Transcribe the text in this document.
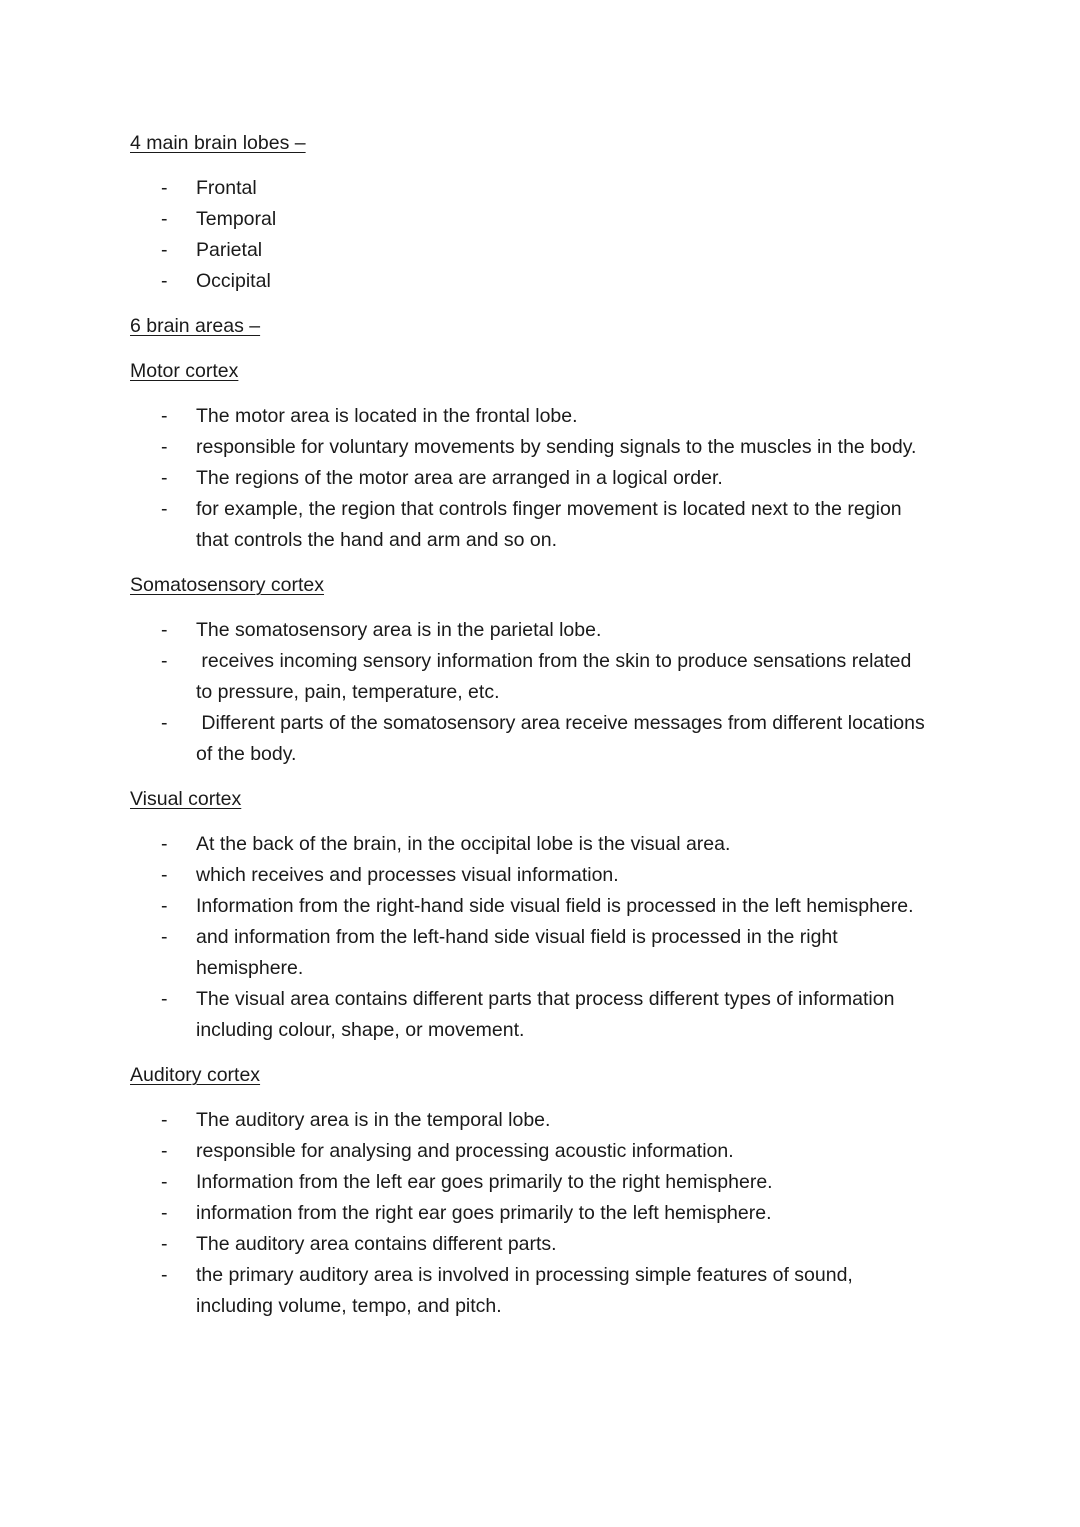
4 main brain lobes –

- Frontal
- Temporal
- Parietal
- Occipital

6 brain areas –

Motor cortex

- The motor area is located in the frontal lobe.
- responsible for voluntary movements by sending signals to the muscles in the body.
- The regions of the motor area are arranged in a logical order.
- for example, the region that controls finger movement is located next to the region that controls the hand and arm and so on.

Somatosensory cortex

- The somatosensory area is in the parietal lobe.
- receives incoming sensory information from the skin to produce sensations related to pressure, pain, temperature, etc.
- Different parts of the somatosensory area receive messages from different locations of the body.

Visual cortex

- At the back of the brain, in the occipital lobe is the visual area.
- which receives and processes visual information.
- Information from the right-hand side visual field is processed in the left hemisphere.
- and information from the left-hand side visual field is processed in the right hemisphere.
- The visual area contains different parts that process different types of information including colour, shape, or movement.

Auditory cortex

- The auditory area is in the temporal lobe.
- responsible for analysing and processing acoustic information.
- Information from the left ear goes primarily to the right hemisphere.
- information from the right ear goes primarily to the left hemisphere.
- The auditory area contains different parts.
- the primary auditory area is involved in processing simple features of sound, including volume, tempo, and pitch.
